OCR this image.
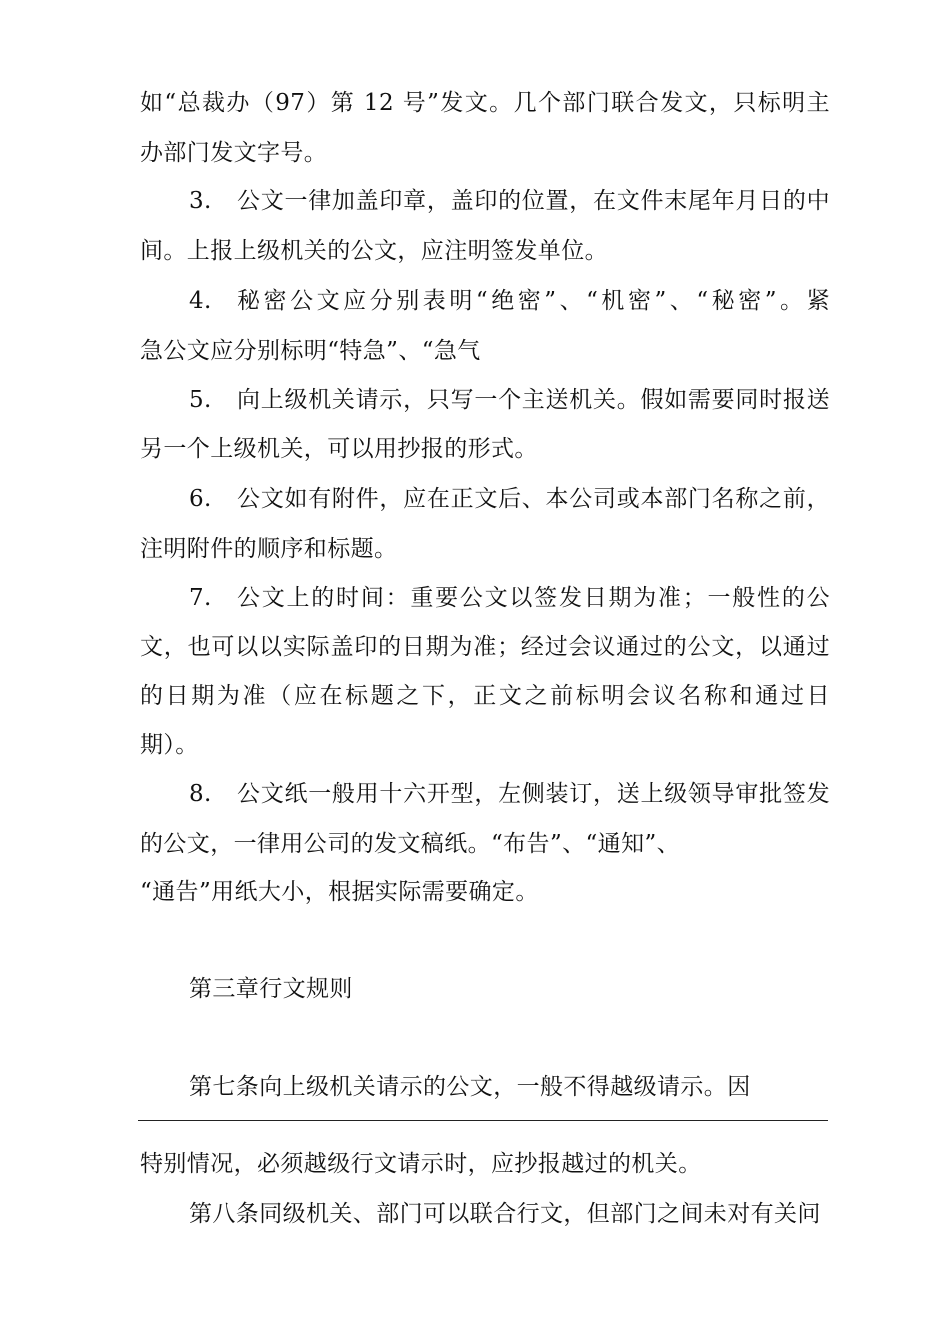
如“总裁办（97）第 12 号”发文。几个部门联合发文，只标明主
办部门发文字号。
3. 公文一律加盖印章，盖印的位置，在文件末尾年月日的中
间。上报上级机关的公文，应注明签发单位。
4. 秘密公文应分别表明“绝密”、“机密”、“秘密”。紧
急公文应分别标明“特急”、“急气
5. 向上级机关请示，只写一个主送机关。假如需要同时报送
另一个上级机关，可以用抄报的形式。
6. 公文如有附件，应在正文后、本公司或本部门名称之前，
注明附件的顺序和标题。
7. 公文上的时间：重要公文以签发日期为准；一般性的公
文，也可以以实际盖印的日期为准；经过会议通过的公文，以通过
的日期为准（应在标题之下，正文之前标明会议名称和通过日
期）。
8. 公文纸一般用十六开型，左侧装订，送上级领导审批签发
的公文，一律用公司的发文稿纸。“布告”、“通知”、
“通告”用纸大小，根据实际需要确定。
第三章行文规则
第七条向上级机关请示的公文，一般不得越级请示。因
特别情况，必须越级行文请示时，应抄报越过的机关。
第八条同级机关、部门可以联合行文，但部门之间未对有关问
